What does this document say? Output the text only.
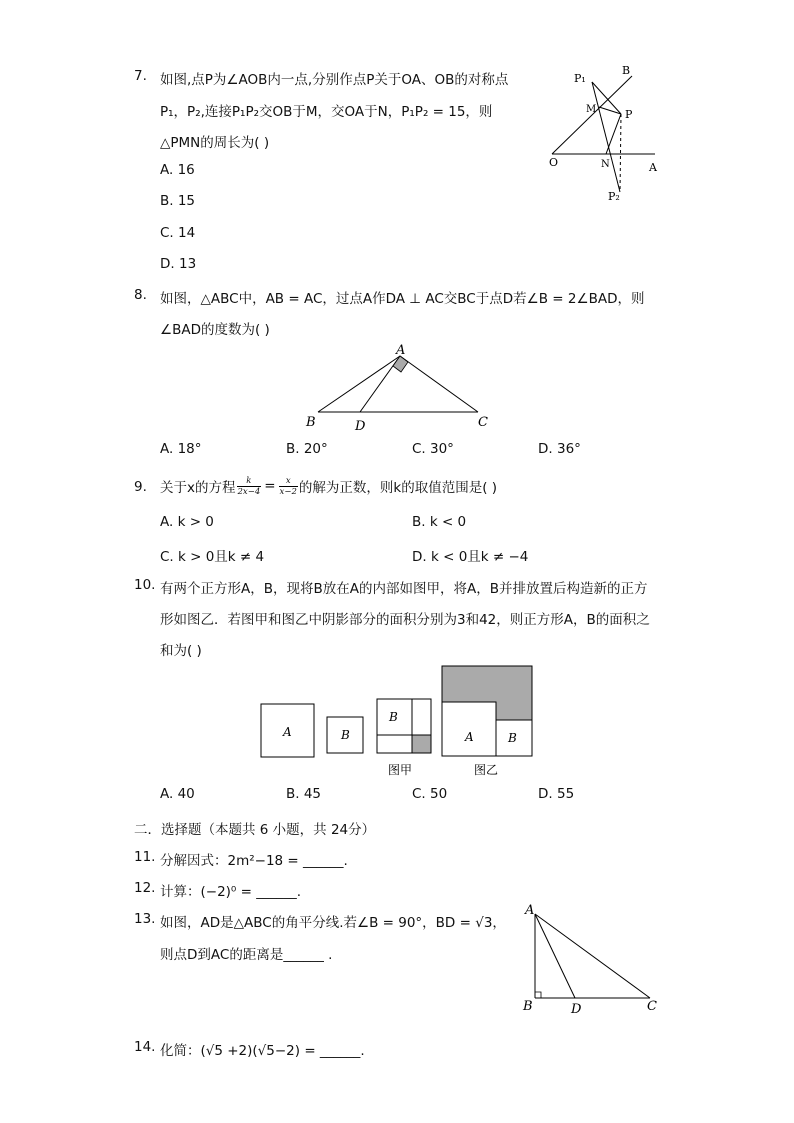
7. 如图,点P为∠AOB内一点,分别作点P关于OA、OB的对称点
P₁，P₂,连接P₁P₂交OB于M，交OA于N，P₁P₂ = 15，则
△PMN的周长为( )
A. 16
B. 15
C. 14
D. 13
B
P₁
M	P
O	N	A
P₂
8. 如图，△ABC中，AB = AC，过点A作DA ⊥ AC交BC于点D若∠B = 2∠BAD，则
∠BAD的度数为( )
A
B	D	C
A. 18°	B. 20°	C. 30°	D. 36°
9. 关于x的方程 $\frac{k}{2x-4} = \frac{x}{x-2}$ 的解为正数，则k的取值范围是( )
A. k > 0	B. k < 0
C. k > 0且k ≠ 4	D. k < 0且k ≠ −4
10. 有两个正方形A，B，现将B放在A的内部如图甲，将A，B并排放置后构造新的正方
形如图乙．若图甲和图乙中阴影部分的面积分别为3和42，则正方形A，B的面积之
和为( )
A	B
B
图甲
A	B
图乙
A. 40	B. 45	C. 50	D. 55
二．选择题（本题共 6 小题，共 24分）
11. 分解因式：2m²−18 = ______.
12. 计算：(−2)⁰ = ______.
13. 如图，AD是△ABC的角平分线.若∠B = 90°，BD = √3，
则点D到AC的距离是______ .
A
B	D	C
14. 化简：(√5 +2)(√5−2) = ______.
